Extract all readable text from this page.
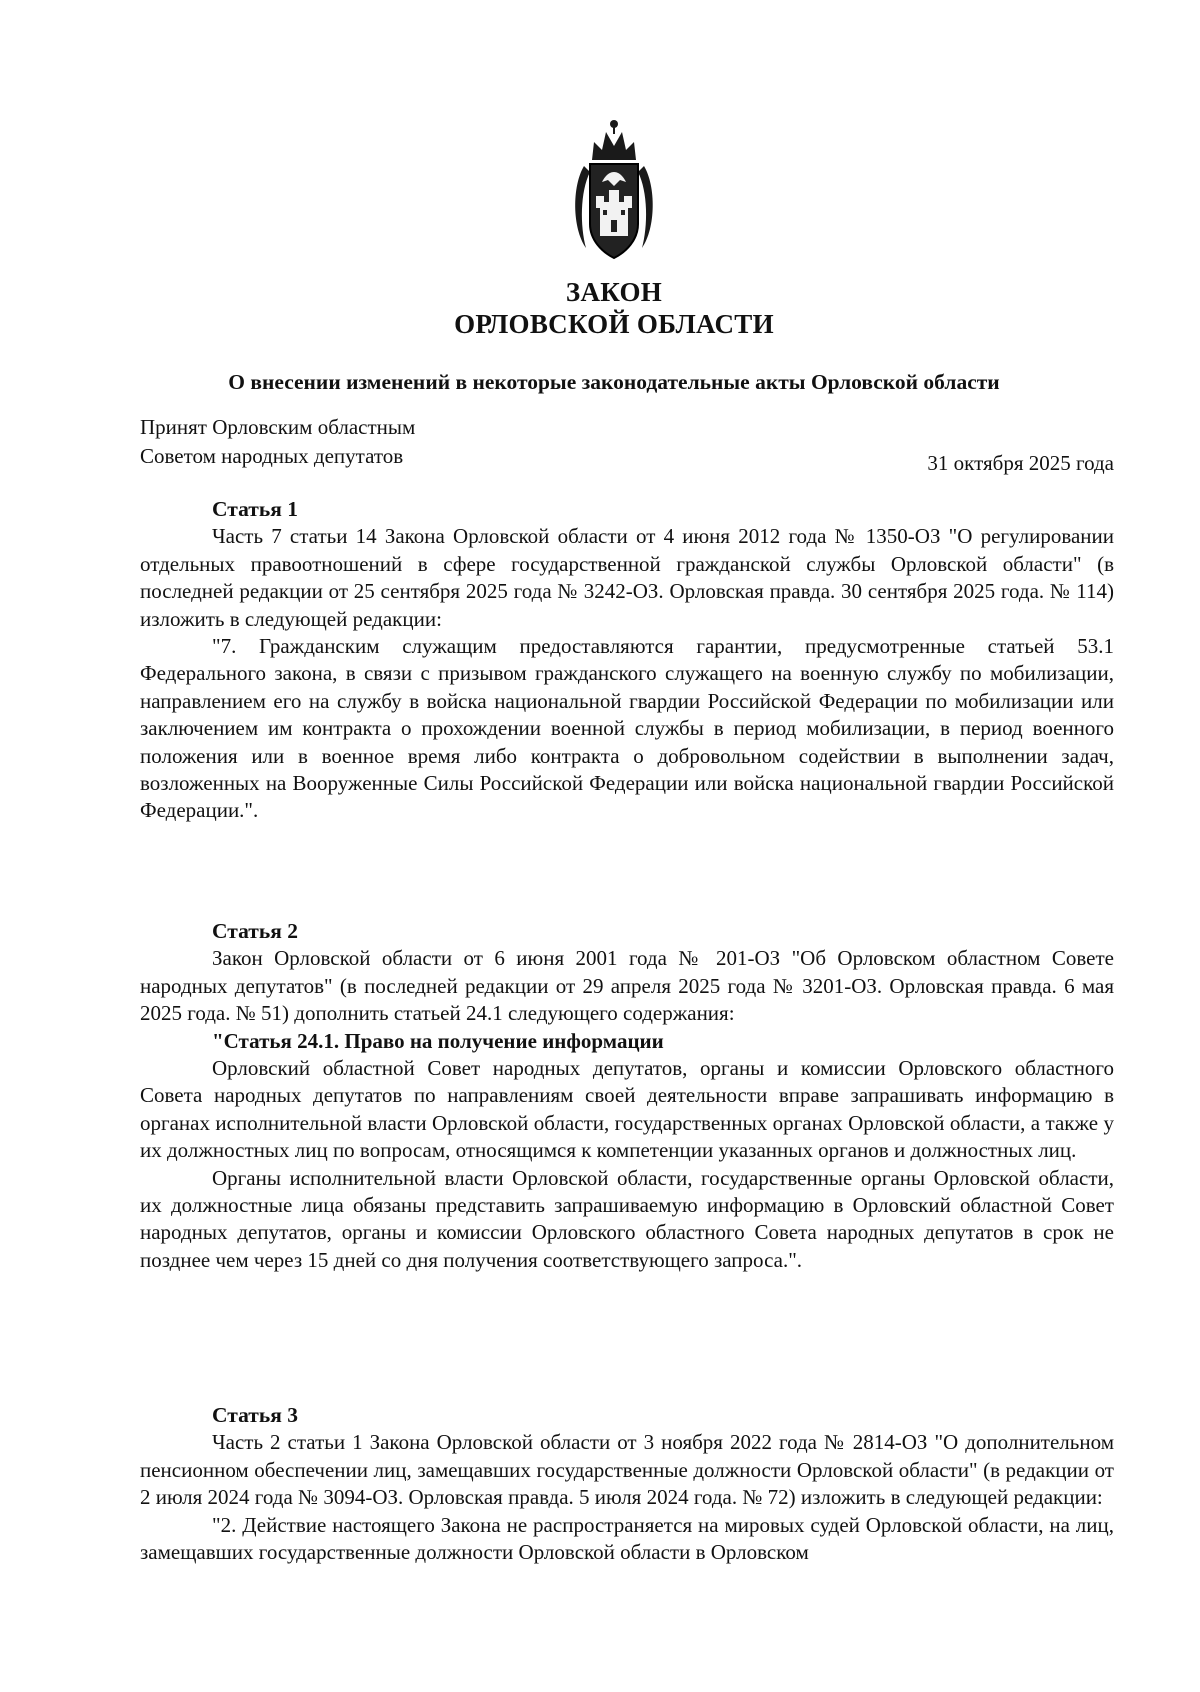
ЗАКОН
ОРЛОВСКОЙ ОБЛАСТИ
О внесении изменений в некоторые законодательные акты Орловской области
Принят Орловским областным
Советом народных депутатов	31 октября 2025 года
Статья 1

Часть 7 статьи 14 Закона Орловской области от 4 июня 2012 года № 1350-ОЗ "О регулировании отдельных правоотношений в сфере государственной гражданской службы Орловской области" (в последней редакции от 25 сентября 2025 года № 3242-ОЗ. Орловская правда. 30 сентября 2025 года. № 114) изложить в следующей редакции:

"7. Гражданским служащим предоставляются гарантии, предусмотренные статьей 53.1 Федерального закона, в связи с призывом гражданского служащего на военную службу по мобилизации, направлением его на службу в войска национальной гвардии Российской Федерации по мобилизации или заключением им контракта о прохождении военной службы в период мобилизации, в период военного положения или в военное время либо контракта о добровольном содействии в выполнении задач, возложенных на Вооруженные Силы Российской Федерации или войска национальной гвардии Российской Федерации.".

Статья 2

Закон Орловской области от 6 июня 2001 года № 201-ОЗ "Об Орловском областном Совете народных депутатов" (в последней редакции от 29 апреля 2025 года № 3201-ОЗ. Орловская правда. 6 мая 2025 года. № 51) дополнить статьей 24.1 следующего содержания:

"Статья 24.1. Право на получение информации

Орловский областной Совет народных депутатов, органы и комиссии Орловского областного Совета народных депутатов по направлениям своей деятельности вправе запрашивать информацию в органах исполнительной власти Орловской области, государственных органах Орловской области, а также у их должностных лиц по вопросам, относящимся к компетенции указанных органов и должностных лиц.

Органы исполнительной власти Орловской области, государственные органы Орловской области, их должностные лица обязаны представить запрашиваемую информацию в Орловский областной Совет народных депутатов, органы и комиссии Орловского областного Совета народных депутатов в срок не позднее чем через 15 дней со дня получения соответствующего запроса.".

Статья 3

Часть 2 статьи 1 Закона Орловской области от 3 ноября 2022 года № 2814-ОЗ "О дополнительном пенсионном обеспечении лиц, замещавших государственные должности Орловской области" (в редакции от 2 июля 2024 года № 3094-ОЗ. Орловская правда. 5 июля 2024 года. № 72) изложить в следующей редакции:

"2. Действие настоящего Закона не распространяется на мировых судей Орловской области, на лиц, замещавших государственные должности Орловской области в Орловском
